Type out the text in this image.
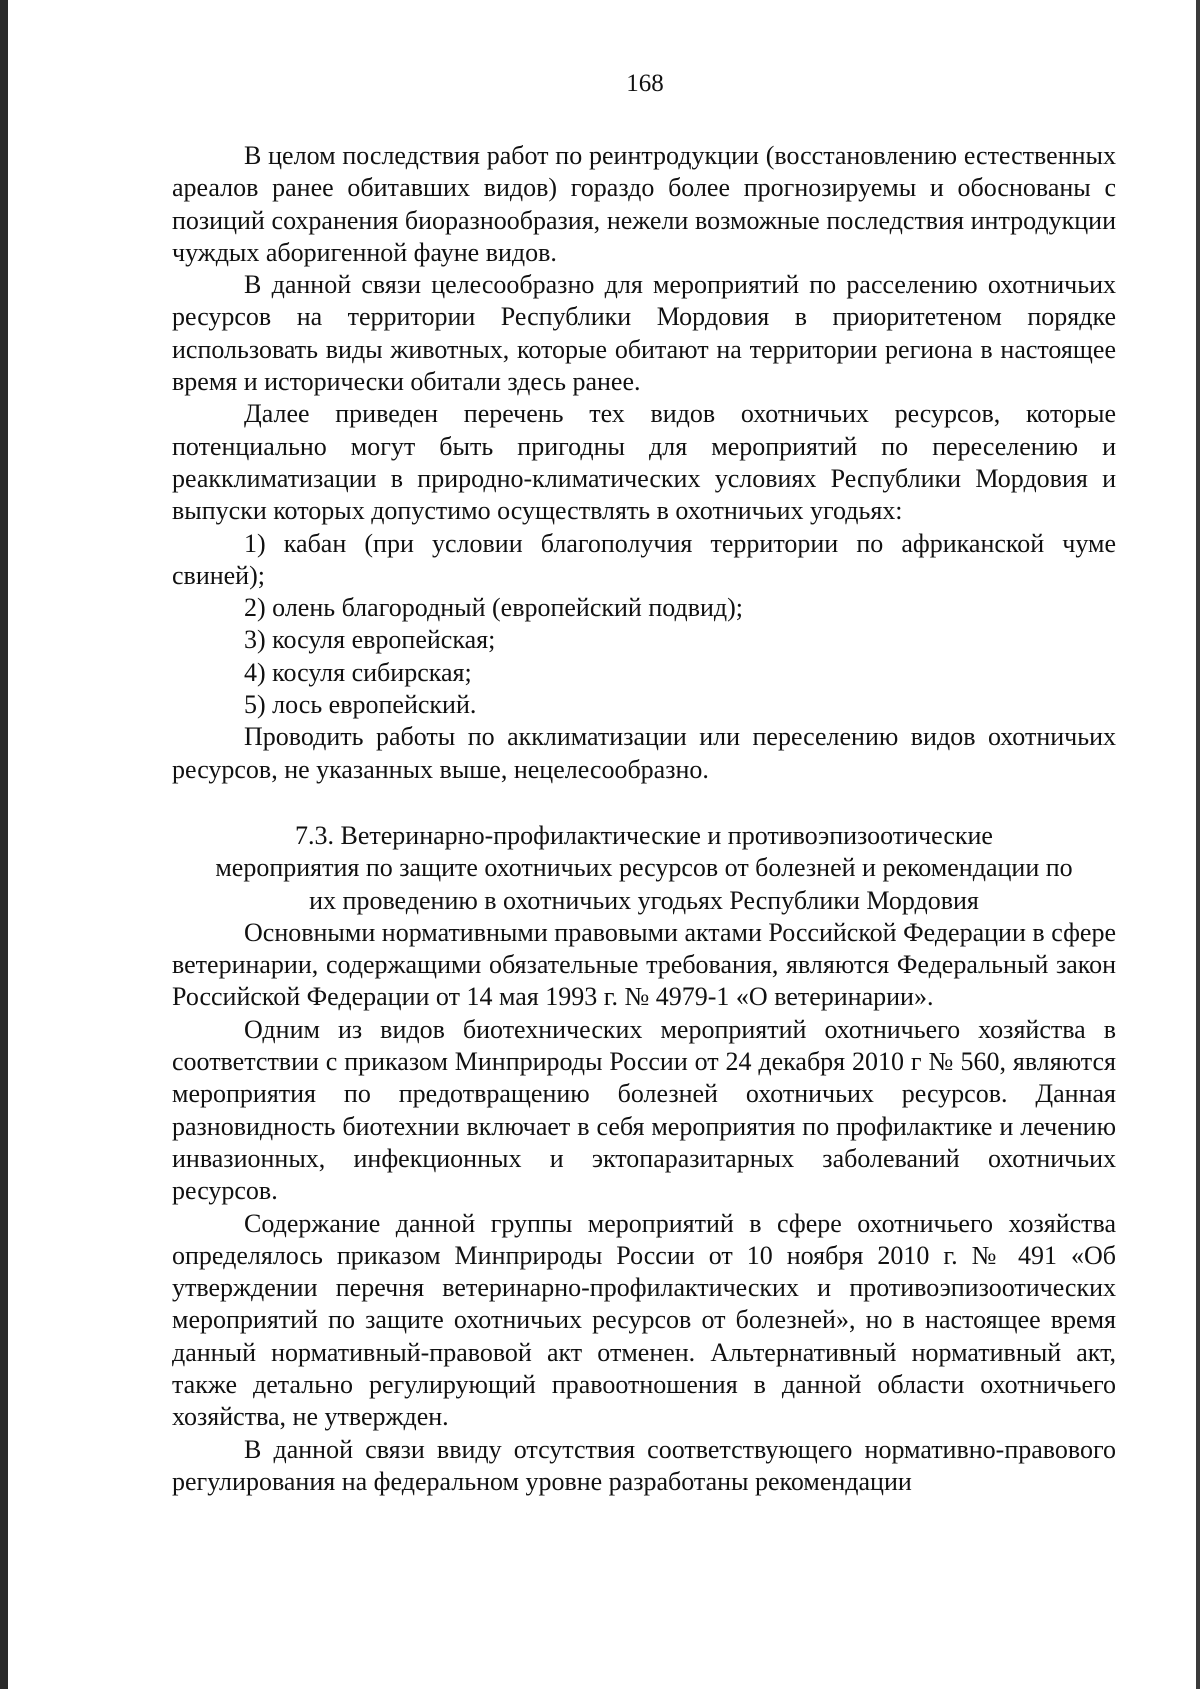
168

В целом последствия работ по реинтродукции (восстановлению естественных ареалов ранее обитавших видов) гораздо более прогнозируемы и обоснованы с позиций сохранения биоразнообразия, нежели возможные последствия интродукции чуждых аборигенной фауне видов.

В данной связи целесообразно для мероприятий по расселению охотничьих ресурсов на территории Республики Мордовия в приоритетеном порядке использовать виды животных, которые обитают на территории региона в настоящее время и исторически обитали здесь ранее.

Далее приведен перечень тех видов охотничьих ресурсов, которые потенциально могут быть пригодны для мероприятий по переселению и реакклиматизации в природно-климатических условиях Республики Мордовия и выпуски которых допустимо осуществлять в охотничьих угодьях:

1) кабан (при условии благополучия территории по африканской чуме свиней);

2) олень благородный (европейский подвид);

3) косуля европейская;

4) косуля сибирская;

5) лось европейский.

Проводить работы по акклиматизации или переселению видов охотничьих ресурсов, не указанных выше, нецелесообразно.

7.3. Ветеринарно-профилактические и противоэпизоотические
мероприятия по защите охотничьих ресурсов от болезней и рекомендации по
их проведению в охотничьих угодьях Республики Мордовия

Основными нормативными правовыми актами Российской Федерации в сфере ветеринарии, содержащими обязательные требования, являются Федеральный закон Российской Федерации от 14 мая 1993 г. № 4979-1 «О ветеринарии».

Одним из видов биотехнических мероприятий охотничьего хозяйства в соответствии с приказом Минприроды России от 24 декабря 2010 г № 560, являются мероприятия по предотвращению болезней охотничьих ресурсов. Данная разновидность биотехнии включает в себя мероприятия по профилактике и лечению инвазионных, инфекционных и эктопаразитарных заболеваний охотничьих ресурсов.

Содержание данной группы мероприятий в сфере охотничьего хозяйства определялось приказом Минприроды России от 10 ноября 2010 г. № 491 «Об утверждении перечня ветеринарно-профилактических и противоэпизоотических мероприятий по защите охотничьих ресурсов от болезней», но в настоящее время данный нормативный-правовой акт отменен. Альтернативный нормативный акт, также детально регулирующий правоотношения в данной области охотничьего хозяйства, не утвержден.

В данной связи ввиду отсутствия соответствующего нормативно-правового регулирования на федеральном уровне разработаны рекомендации
